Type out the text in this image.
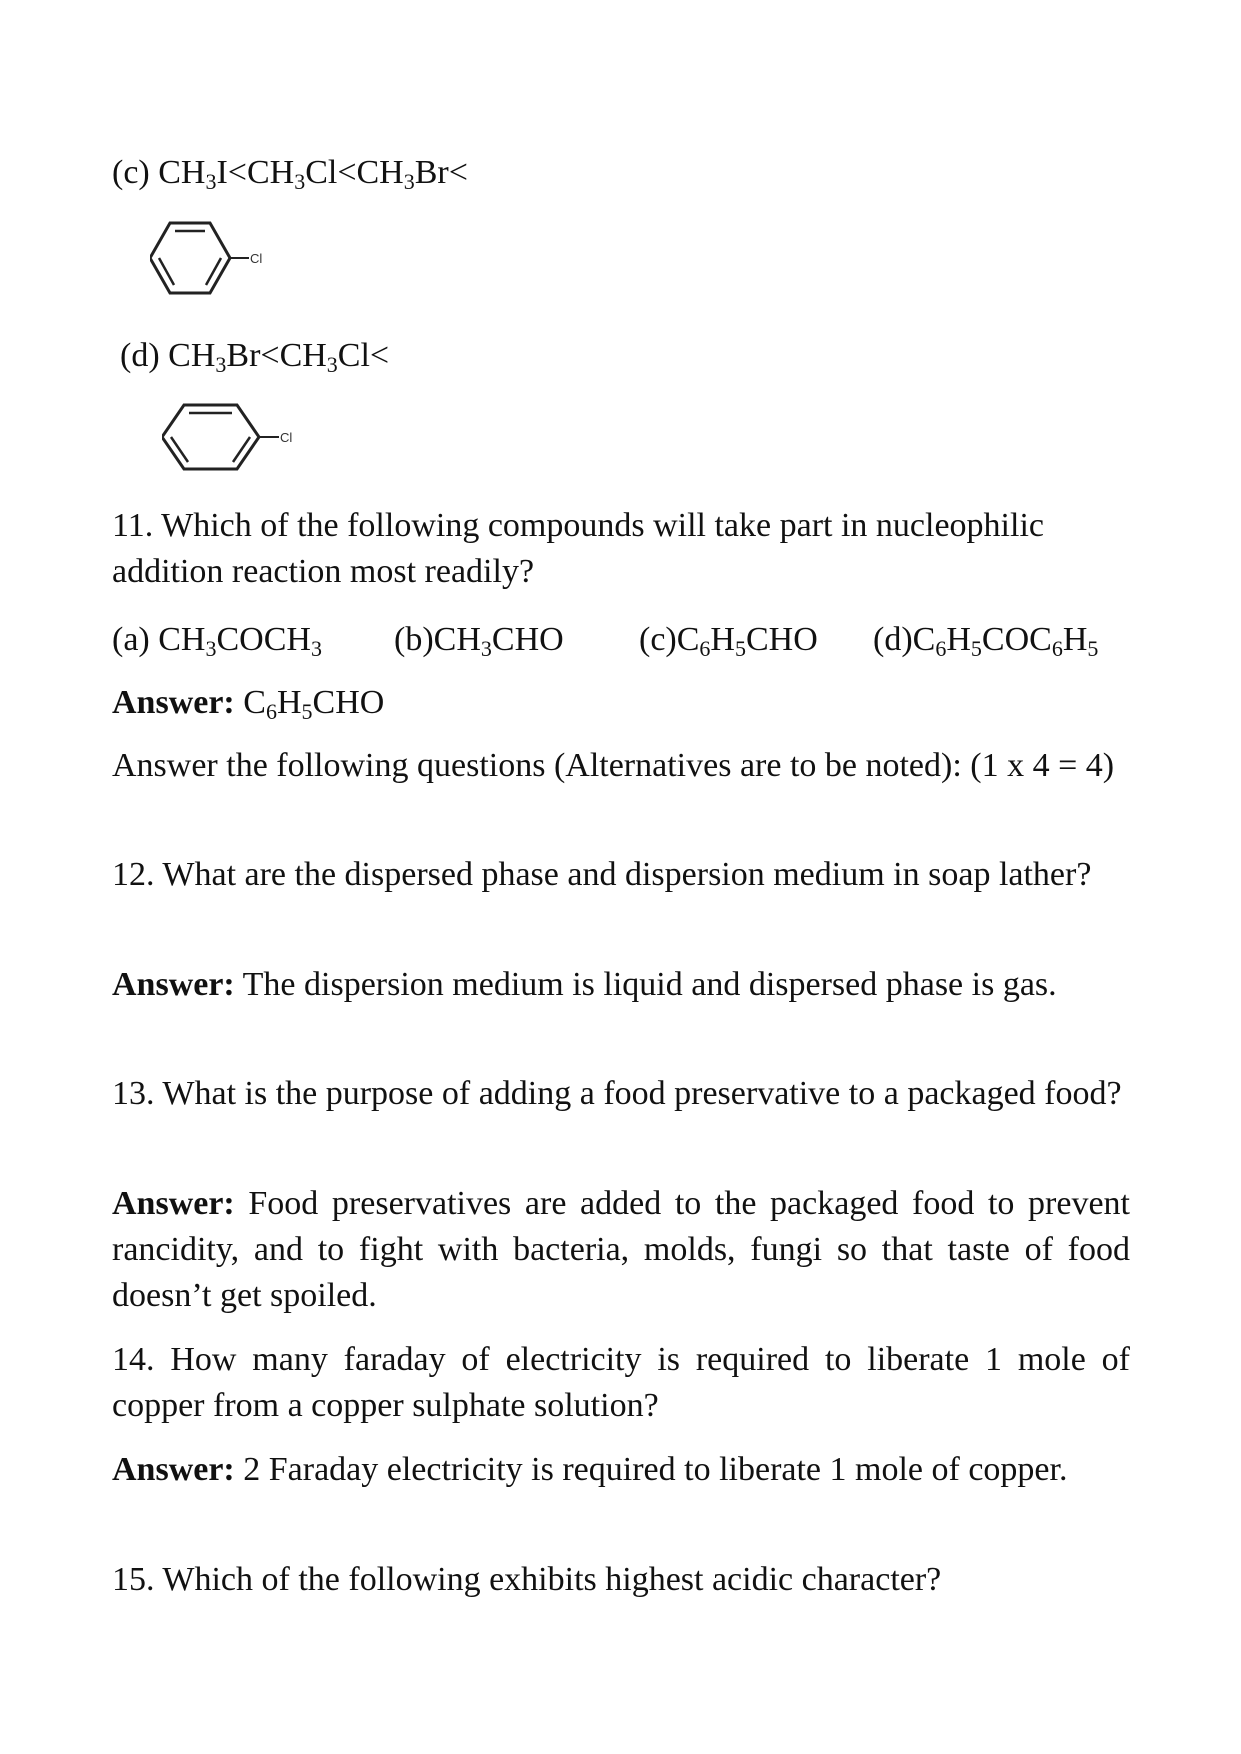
(c) $CH_3I<CH_3Cl<CH_3Br<$
Cl
(d) $CH_3Br<CH_3Cl<$
Cl
11. Which of the following compounds will take part in nucleophilic
addition reaction most readily?
(a) $CH_3COCH_3$ $(b)CH_3CHO$ $(c)C_6H_5CHO$ $(d)C_6H_5COC_6H_5$
Answer: $C_6H_5CHO$
Answer the following questions (Alternatives are to be noted): (1 x 4 = 4)
12. What are the dispersed phase and dispersion medium in soap lather?
Answer: The dispersion medium is liquid and dispersed phase is gas.
13. What is the purpose of adding a food preservative to a packaged food?
Answer: Food preservatives are added to the packaged food to prevent rancidity, and to fight with bacteria, molds, fungi so that taste of food doesn’t get spoiled.
14. How many faraday of electricity is required to liberate 1 mole of copper from a copper sulphate solution?
Answer: 2 Faraday electricity is required to liberate 1 mole of copper.
15. Which of the following exhibits highest acidic character?
